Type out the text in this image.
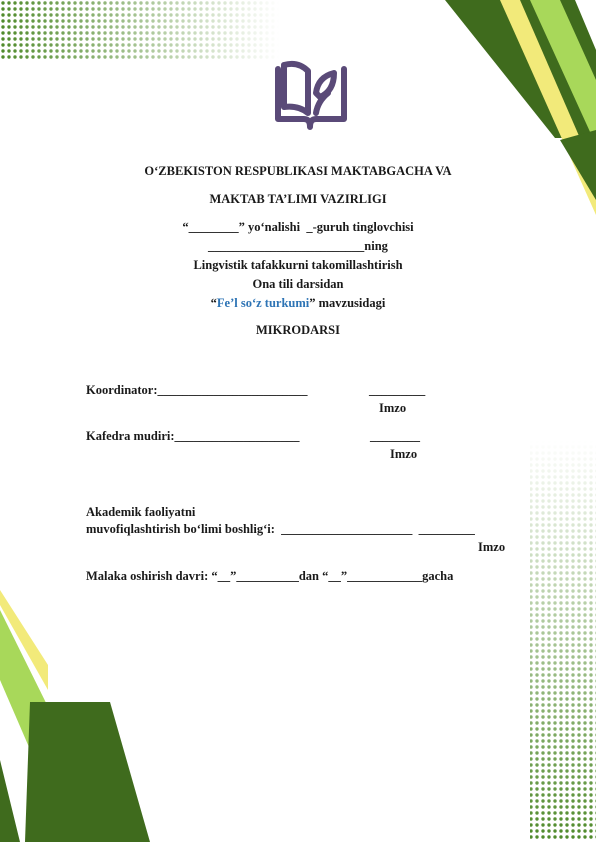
O‘ZBEKISTON RESPUBLIKASI MAKTABGACHA VA
MAKTAB TA’LIMI VAZIRLIGI
“________” yo‘nalishi  _-guruh tinglovchisi
_________________________ning
Lingvistik tafakkurni takomillashtirish
Ona tili darsidan
“Fe’l so‘z turkumi” mavzusidagi
MIKRODARSI
Koordinator:________________________	_________
Imzo
Kafedra mudiri:____________________	________
Imzo
Akademik faoliyatni
muvofiqlashtirish bo‘limi boshlig‘i:  _____________________  _________
Imzo
Malaka oshirish davri: “__”__________dan “__”____________gacha
